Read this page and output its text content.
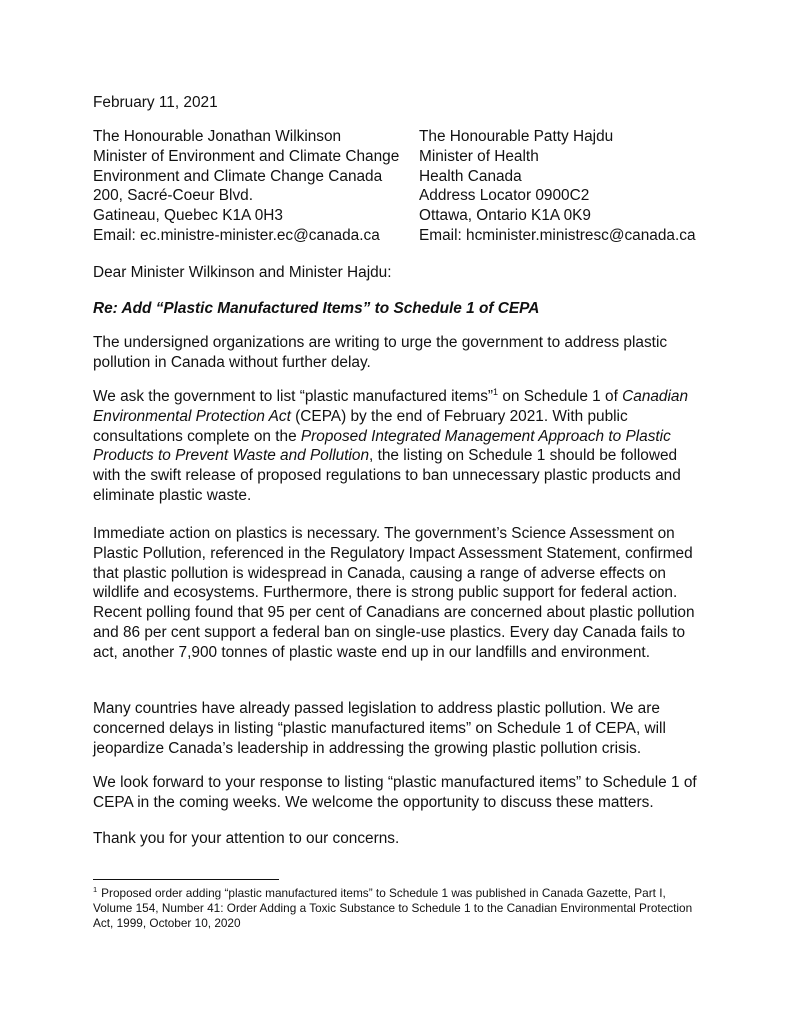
February 11, 2021
The Honourable Jonathan Wilkinson
Minister of Environment and Climate Change
Environment and Climate Change Canada
200, Sacré-Coeur Blvd.
Gatineau, Quebec K1A 0H3
Email: ec.ministre-minister.ec@canada.ca
The Honourable Patty Hajdu
Minister of Health
Health Canada
Address Locator 0900C2
Ottawa, Ontario K1A 0K9
Email: hcminister.ministresc@canada.ca
Dear Minister Wilkinson and Minister Hajdu:
Re: Add “Plastic Manufactured Items” to Schedule 1 of CEPA

The undersigned organizations are writing to urge the government to address plastic pollution in Canada without further delay.

We ask the government to list “plastic manufactured items”$^1$ on Schedule 1 of Canadian Environmental Protection Act (CEPA) by the end of February 2021. With public consultations complete on the Proposed Integrated Management Approach to Plastic Products to Prevent Waste and Pollution, the listing on Schedule 1 should be followed with the swift release of proposed regulations to ban unnecessary plastic products and eliminate plastic waste.

Immediate action on plastics is necessary. The government’s Science Assessment on Plastic Pollution, referenced in the Regulatory Impact Assessment Statement, confirmed that plastic pollution is widespread in Canada, causing a range of adverse effects on wildlife and ecosystems. Furthermore, there is strong public support for federal action. Recent polling found that 95 per cent of Canadians are concerned about plastic pollution and 86 per cent support a federal ban on single-use plastics. Every day Canada fails to act, another 7,900 tonnes of plastic waste end up in our landfills and environment.

Many countries have already passed legislation to address plastic pollution. We are concerned delays in listing “plastic manufactured items” on Schedule 1 of CEPA, will jeopardize Canada’s leadership in addressing the growing plastic pollution crisis.

We look forward to your response to listing “plastic manufactured items” to Schedule 1 of CEPA in the coming weeks. We welcome the opportunity to discuss these matters.

Thank you for your attention to our concerns.

$^1$ Proposed order adding “plastic manufactured items” to Schedule 1 was published in Canada Gazette, Part I, Volume 154, Number 41: Order Adding a Toxic Substance to Schedule 1 to the Canadian Environmental Protection Act, 1999, October 10, 2020
